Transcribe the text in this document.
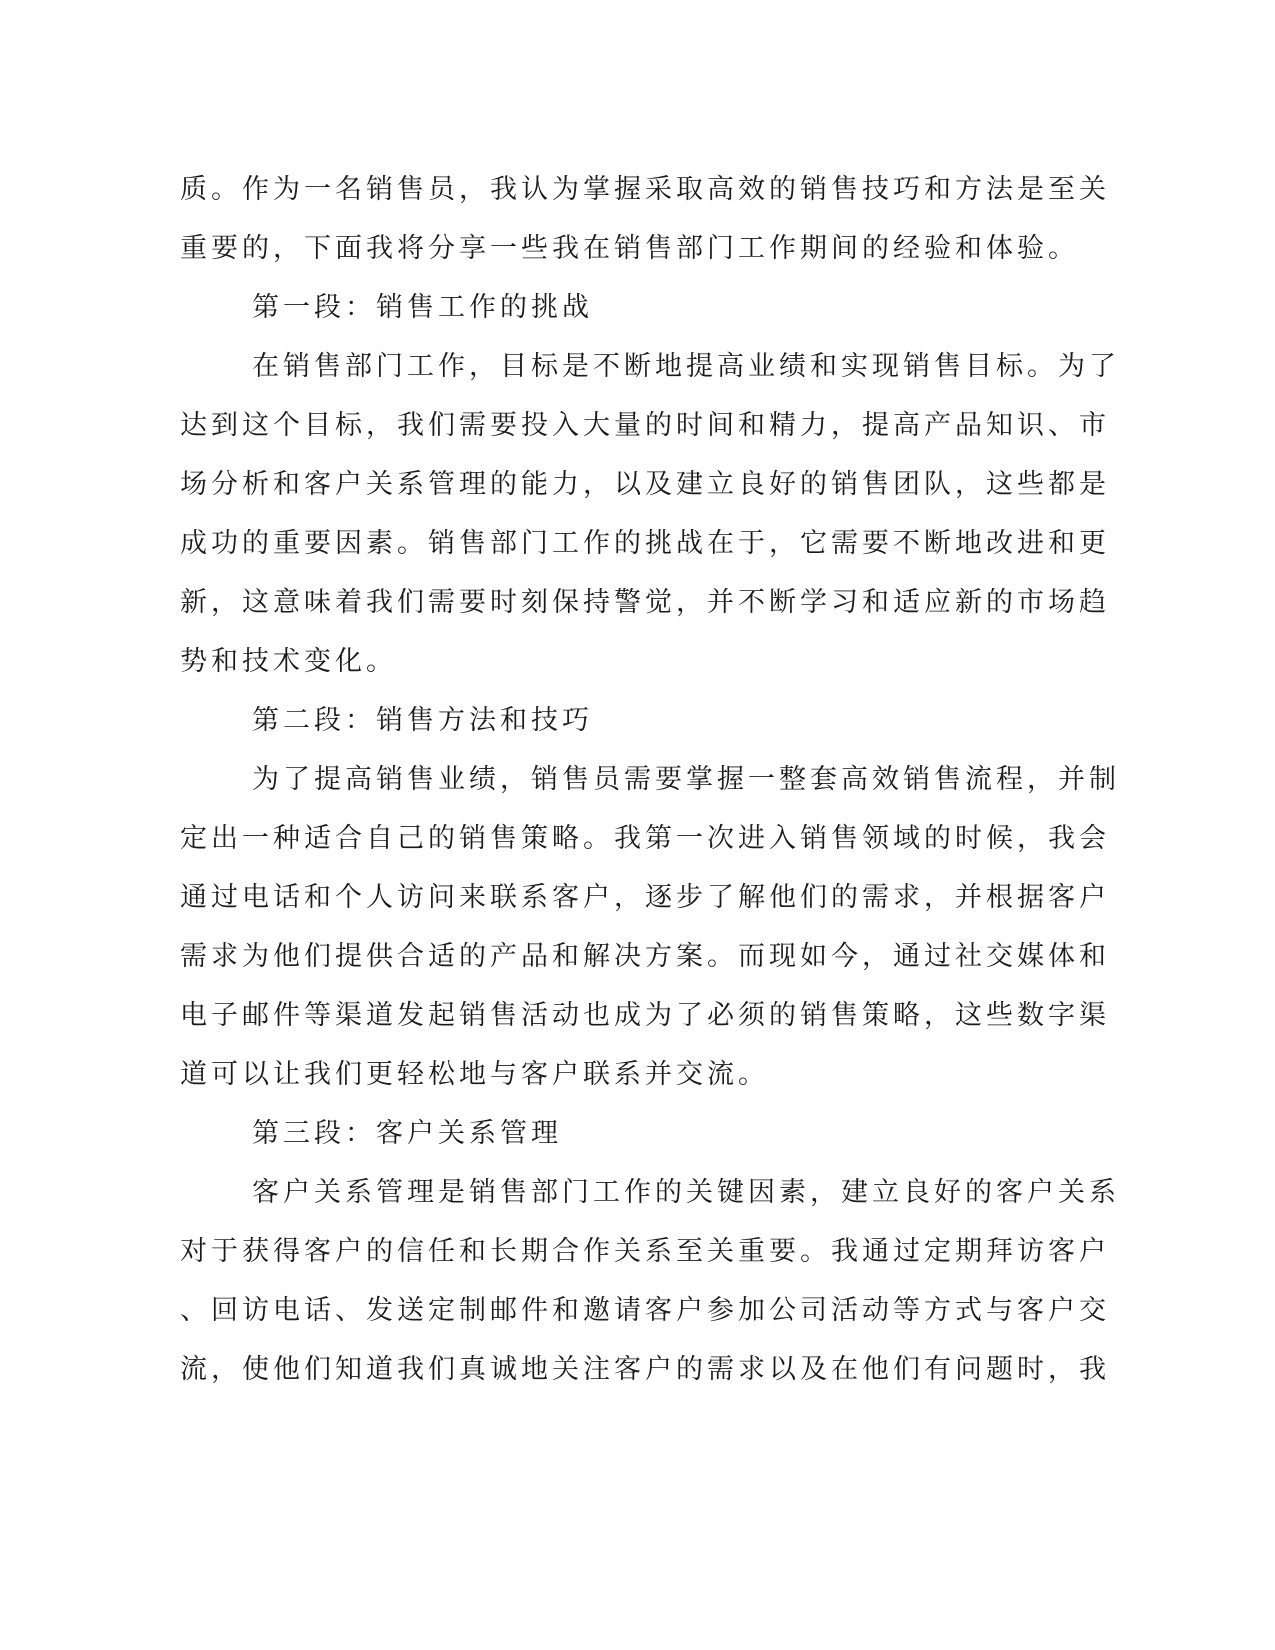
质。作为一名销售员，我认为掌握采取高效的销售技巧和方法是至关
重要的，下面我将分享一些我在销售部门工作期间的经验和体验。
第一段：销售工作的挑战
在销售部门工作，目标是不断地提高业绩和实现销售目标。为了
达到这个目标，我们需要投入大量的时间和精力，提高产品知识、市
场分析和客户关系管理的能力，以及建立良好的销售团队，这些都是
成功的重要因素。销售部门工作的挑战在于，它需要不断地改进和更
新，这意味着我们需要时刻保持警觉，并不断学习和适应新的市场趋
势和技术变化。
第二段：销售方法和技巧
为了提高销售业绩，销售员需要掌握一整套高效销售流程，并制
定出一种适合自己的销售策略。我第一次进入销售领域的时候，我会
通过电话和个人访问来联系客户，逐步了解他们的需求，并根据客户
需求为他们提供合适的产品和解决方案。而现如今，通过社交媒体和
电子邮件等渠道发起销售活动也成为了必须的销售策略，这些数字渠
道可以让我们更轻松地与客户联系并交流。
第三段：客户关系管理
客户关系管理是销售部门工作的关键因素，建立良好的客户关系
对于获得客户的信任和长期合作关系至关重要。我通过定期拜访客户
、回访电话、发送定制邮件和邀请客户参加公司活动等方式与客户交
流，使他们知道我们真诚地关注客户的需求以及在他们有问题时，我
